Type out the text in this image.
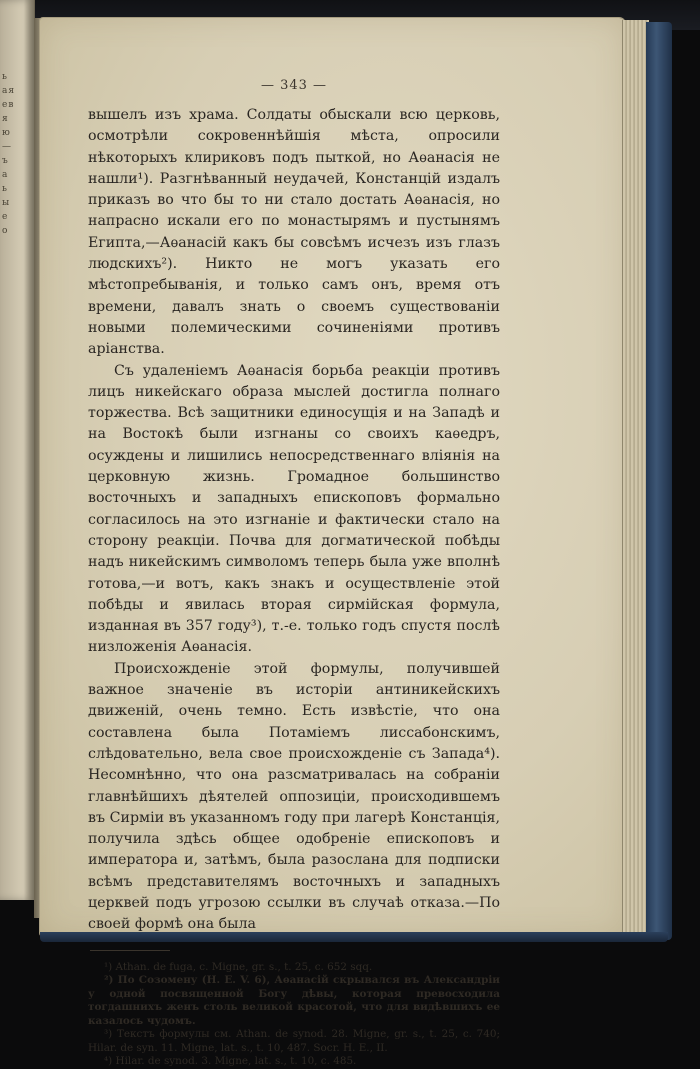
ь
ая
ев
я
ю
—
ъ
а
ь
ы
е
о
— 343 —

вышелъ изъ храма. Солдаты обыскали всю церковь, осмотрѣли сокровеннѣйшiя мѣста, опросили нѣкоторыхъ клириковъ подъ пыткой, но Аѳанасiя не нашли¹). Разгнѣванный неудачей, Констанцiй издалъ приказъ во что бы то ни стало достать Аѳанасiя, но напрасно искали его по монастырямъ и пустынямъ Египта,—Аѳанасiй какъ бы совсѣмъ исчезъ изъ глазъ людскихъ²). Никто не могъ указать его мѣстопребыванiя, и только самъ онъ, время отъ времени, давалъ знать о своемъ существованiи новыми полемическими сочиненiями противъ арiанства.

Съ удаленiемъ Аѳанасiя борьба реакцiи противъ лицъ никейскаго образа мыслей достигла полнаго торжества. Всѣ защитники единосущiя и на Западѣ и на Востокѣ были изгнаны со своихъ каѳедръ, осуждены и лишились непосредственнаго влiянiя на церковную жизнь. Громадное большинство восточныхъ и западныхъ епископовъ формально согласилось на это изгнанiе и фактически стало на сторону реакцiи. Почва для догматической побѣды надъ никейскимъ символомъ теперь была уже вполнѣ готова,—и вотъ, какъ знакъ и осуществленiе этой побѣды и явилась вторая сирмiйская формула, изданная въ 357 году³), т.-е. только годъ спустя послѣ низложенiя Аѳанасiя.

Происхожденiе этой формулы, получившей важное значенiе въ исторiи антиникейскихъ движенiй, очень темно. Есть извѣстiе, что она составлена была Потамiемъ лиссабонскимъ, слѣдовательно, вела свое происхожденiе съ Запада⁴). Несомнѣнно, что она разсматривалась на собранiи главнѣйшихъ дѣятелей оппозицiи, происходившемъ въ Сирмiи въ указанномъ году при лагерѣ Констанцiя, получила здѣсь общее одобренiе епископовъ и императора и, затѣмъ, была разослана для подписки всѣмъ представителямъ восточныхъ и западныхъ церквей подъ угрозою ссылки въ случаѣ отказа.—По своей формѣ она была

¹) Athan. de fuga, c. Migne, gr. s., t. 25, c. 652 sqq.
²) По Созомену (H. E. V. 6), Аѳанасiй скрывался въ Александрiи у одной посвященной Богу дѣвы, которая превосходила тогдашнихъ женъ столь великой красотой, что для видѣвшихъ ее казалось чудомъ.
³) Текстъ формулы см. Athan. de synod. 28. Migne, gr. s., t. 25, c. 740; Hilar. de syn. 11. Migne, lat. s., t. 10, 487. Socr. H. E., II.
⁴) Hilar. de synod. 3. Migne, lat. s., t. 10, c. 485.
